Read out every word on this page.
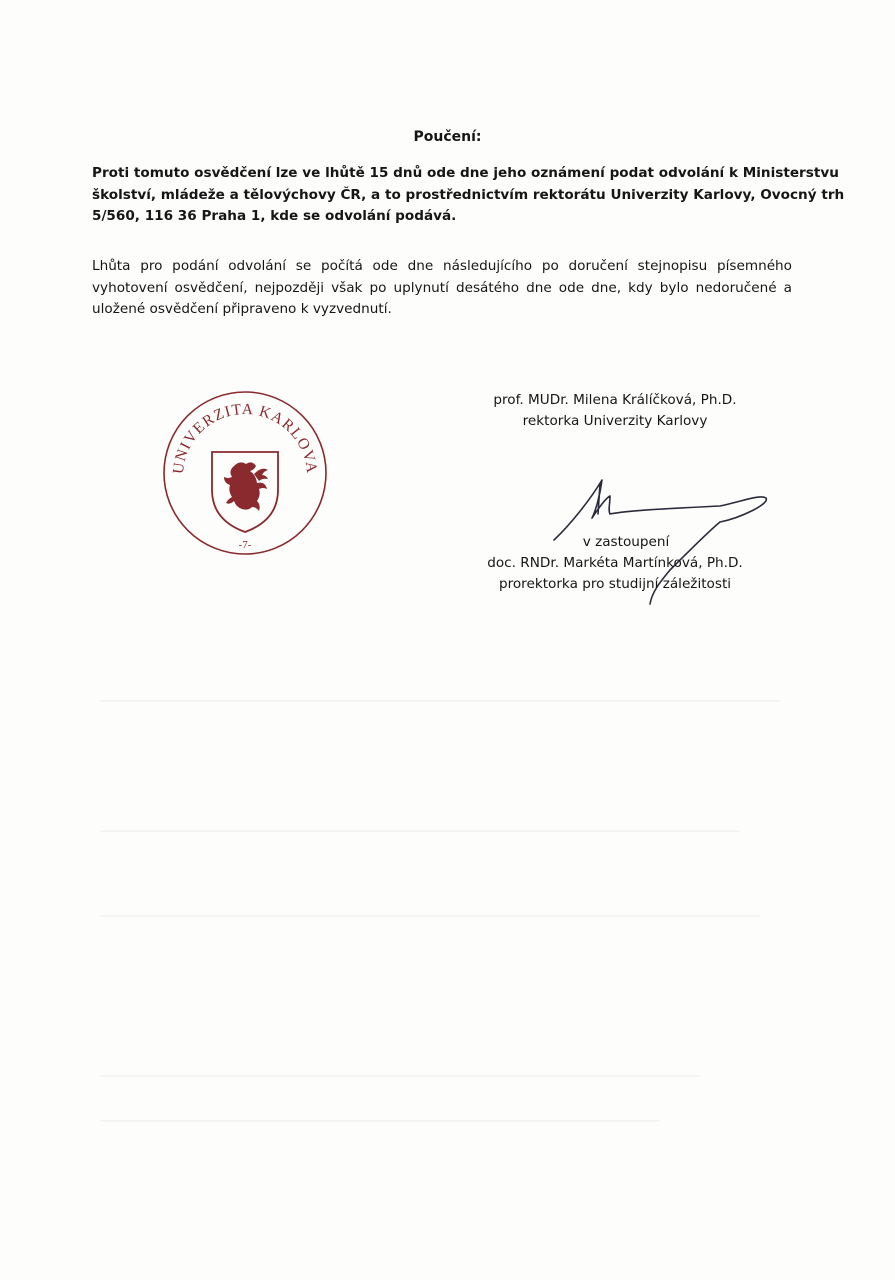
Poučení:
Proti tomuto osvědčení lze ve lhůtě 15 dnů ode dne jeho oznámení podat odvolání k Ministerstvu
školství, mládeže a tělovýchovy ČR, a to prostřednictvím rektorátu Univerzity Karlovy, Ovocný trh
5/560, 116 36 Praha 1, kde se odvolání podává.
Lhůta pro podání odvolání se počítá ode dne následujícího po doručení stejnopisu písemného
vyhotovení osvědčení, nejpozději však po uplynutí desátého dne ode dne, kdy bylo nedoručené a
uložené osvědčení připraveno k vyzvednutí.
UNIVERZITA KARLOVA
-7-
prof. MUDr. Milena Králíčková, Ph.D.
rektorka Univerzity Karlovy
v zastoupení
doc. RNDr. Markéta Martínková, Ph.D.
prorektorka pro studijní záležitosti
